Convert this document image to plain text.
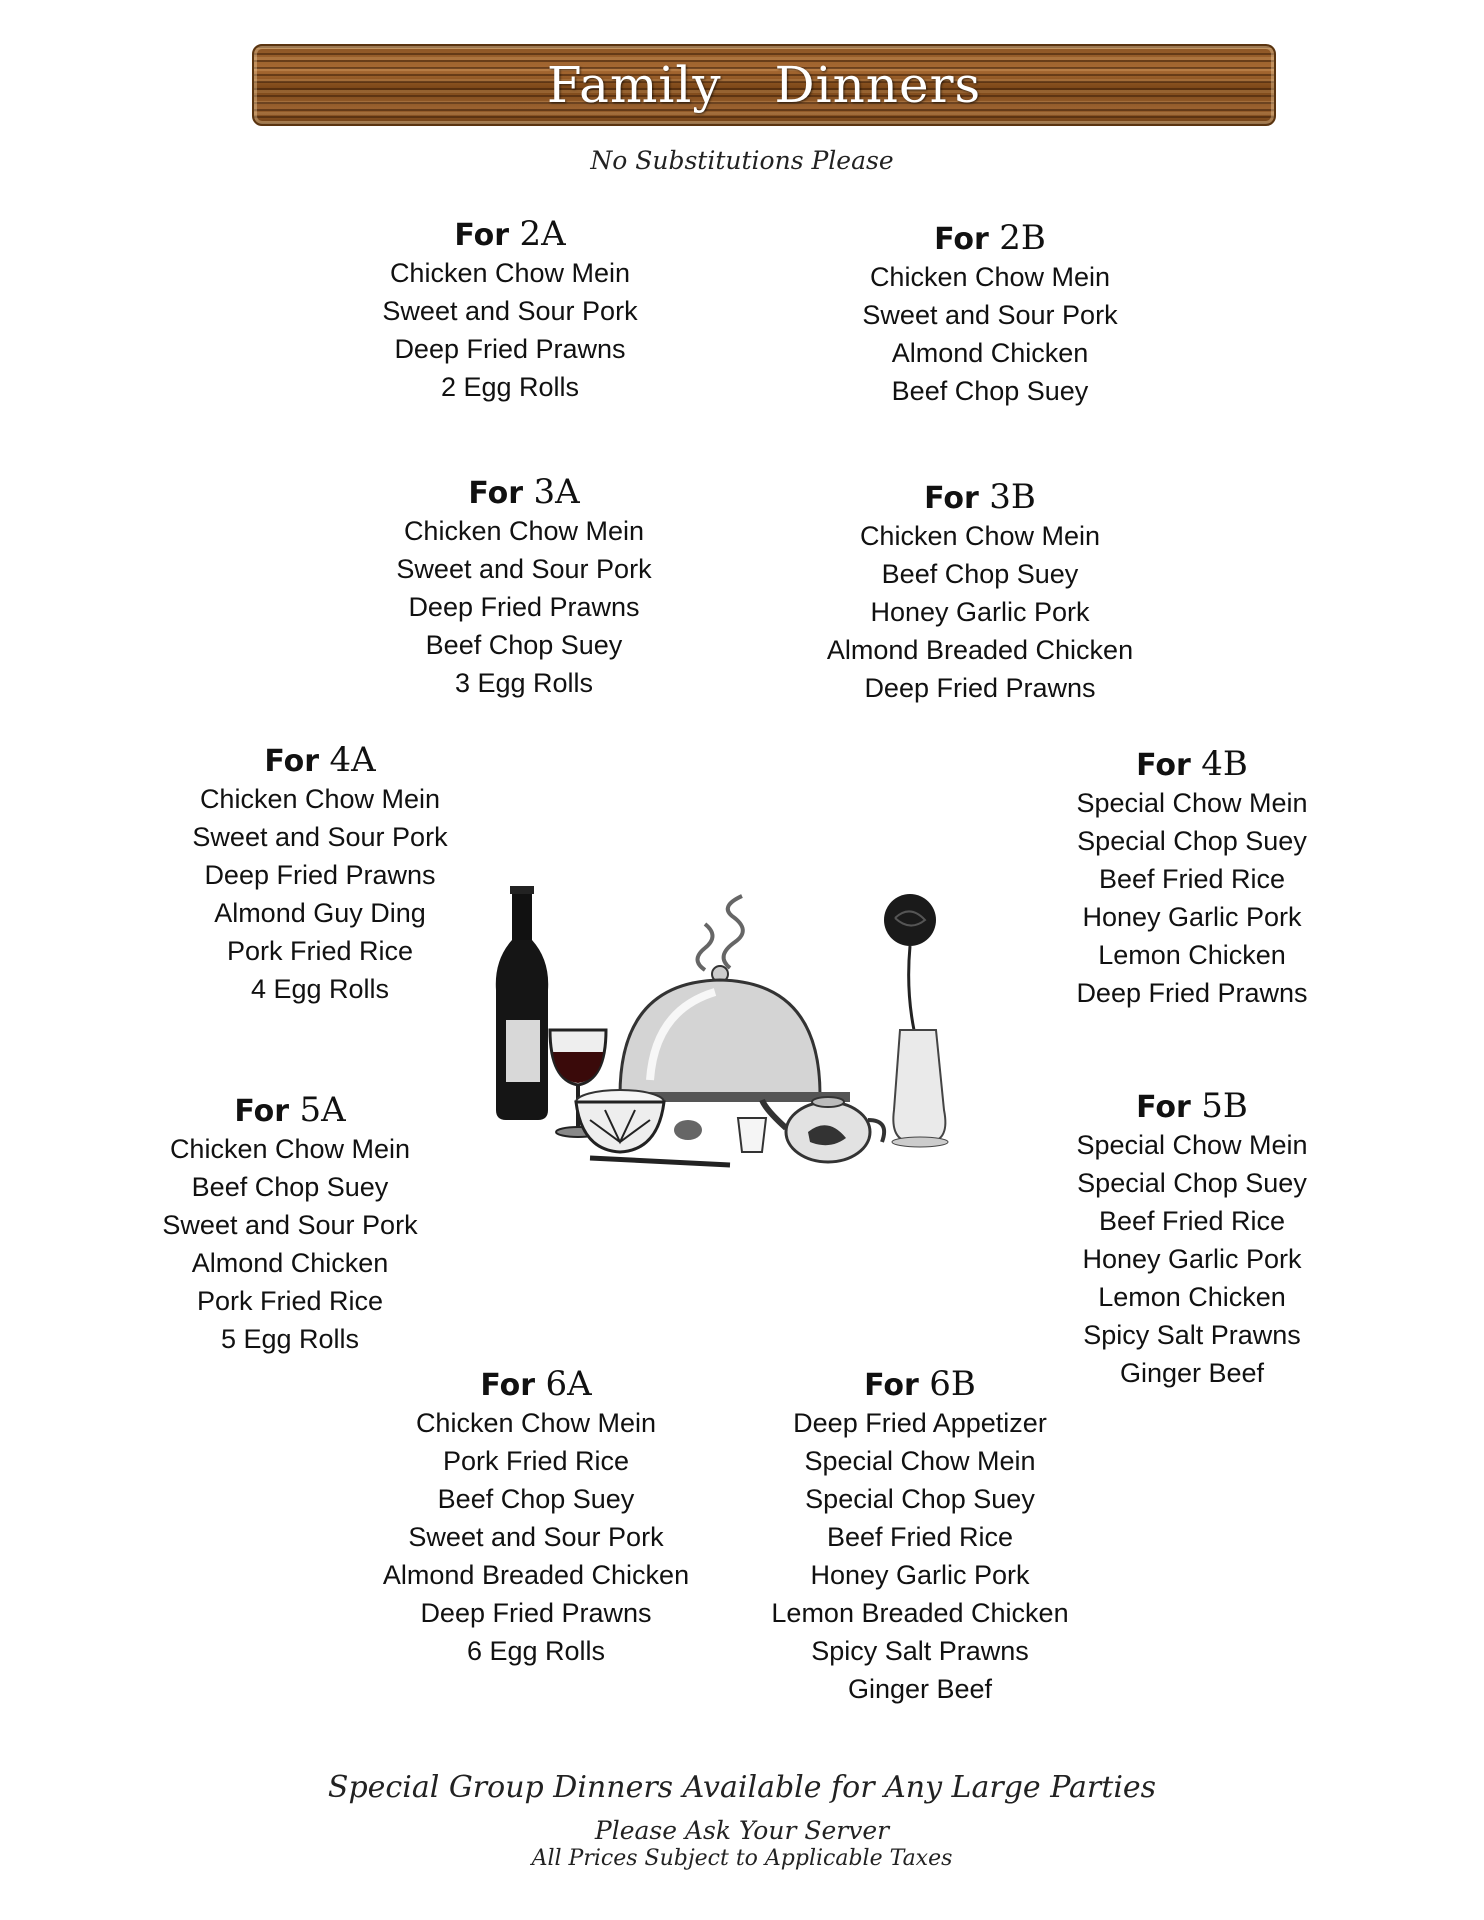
Family Dinners
No Substitutions Please
For 2A
Chicken Chow Mein
Sweet and Sour Pork
Deep Fried Prawns
2 Egg Rolls
For 2B
Chicken Chow Mein
Sweet and Sour Pork
Almond Chicken
Beef Chop Suey
For 3A
Chicken Chow Mein
Sweet and Sour Pork
Deep Fried Prawns
Beef Chop Suey
3 Egg Rolls
For 3B
Chicken Chow Mein
Beef Chop Suey
Honey Garlic Pork
Almond Breaded Chicken
Deep Fried Prawns
For 4A
Chicken Chow Mein
Sweet and Sour Pork
Deep Fried Prawns
Almond Guy Ding
Pork Fried Rice
4 Egg Rolls
For 4B
Special Chow Mein
Special Chop Suey
Beef Fried Rice
Honey Garlic Pork
Lemon Chicken
Deep Fried Prawns
For 5A
Chicken Chow Mein
Beef Chop Suey
Sweet and Sour Pork
Almond Chicken
Pork Fried Rice
5 Egg Rolls
For 5B
Special Chow Mein
Special Chop Suey
Beef Fried Rice
Honey Garlic Pork
Lemon Chicken
Spicy Salt Prawns
Ginger Beef
For 6A
Chicken Chow Mein
Pork Fried Rice
Beef Chop Suey
Sweet and Sour Pork
Almond Breaded Chicken
Deep Fried Prawns
6 Egg Rolls
For 6B
Deep Fried Appetizer
Special Chow Mein
Special Chop Suey
Beef Fried Rice
Honey Garlic Pork
Lemon Breaded Chicken
Spicy Salt Prawns
Ginger Beef
Special Group Dinners Available for Any Large Parties
Please Ask Your Server
All Prices Subject to Applicable Taxes
